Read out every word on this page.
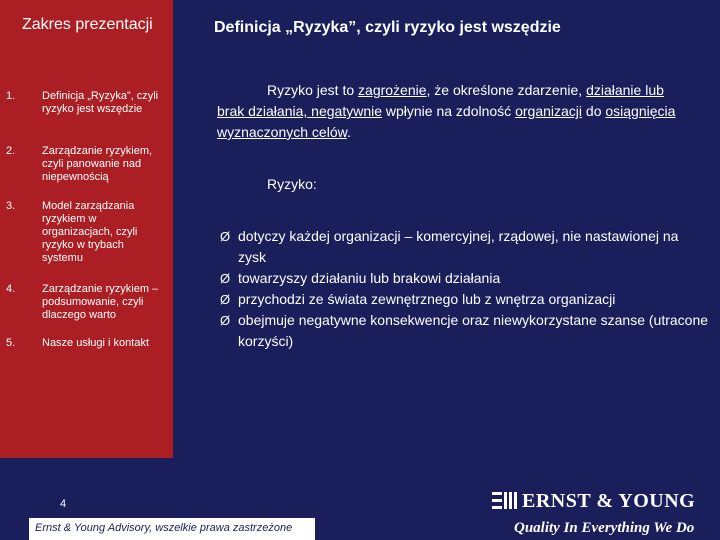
Zakres prezentacji
1.	Definicja „Ryzyka”, czyli ryzyko jest wszędzie
2.	Zarządzanie ryzykiem, czyli panowanie nad niepewnością
3.	Model zarządzania ryzykiem w organizacjach, czyli ryzyko w trybach systemu
4.	Zarządzanie ryzykiem – podsumowanie, czyli dlaczego warto
5.	Nasze usługi i kontakt
Definicja „Ryzyka”, czyli ryzyko jest wszędzie
Ryzyko jest to zagrożenie, że określone zdarzenie, działanie lub brak działania, negatywnie wpłynie na zdolność organizacji do osiągnięcia wyznaczonych celów.
Ryzyko:
Ø dotyczy każdej organizacji – komercyjnej, rządowej, nie nastawionej na zysk
Ø towarzyszy działaniu lub brakowi działania
Ø przychodzi ze świata zewnętrznego lub z wnętrza organizacji
Ø obejmuje negatywne konsekwencje oraz niewykorzystane szanse (utracone korzyści)
4
Ernst & Young Advisory, wszelkie prawa zastrzeżone
ERNST & YOUNG
Quality In Everything We Do
